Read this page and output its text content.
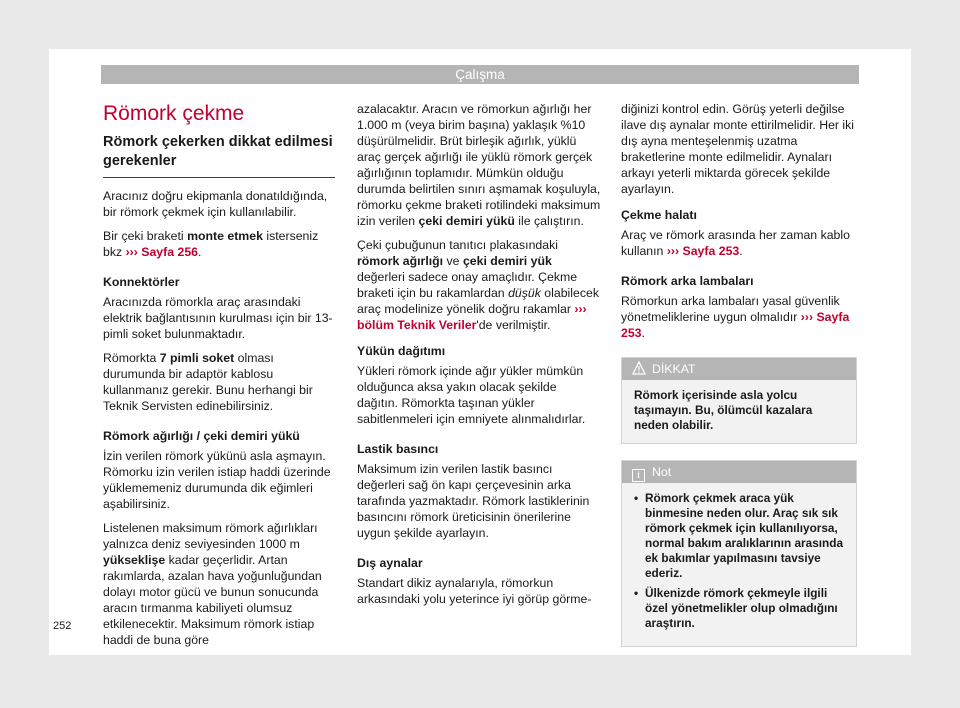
Çalışma
Römork çekme
Römork çekerken dikkat edilmesi gerekenler

Aracınız doğru ekipmanla donatıldığında, bir römork çekmek için kullanılabilir.

Bir çeki braketi monte etmek isterseniz bkz ››› Sayfa 256.

Konnektörler

Aracınızda römorkla araç arasındaki elektrik bağlantısının kurulması için bir 13-pimli soket bulunmaktadır.

Römorkta 7 pimli soket olması durumunda bir adaptör kablosu kullanmanız gerekir. Bunu herhangi bir Teknik Servisten edinebilirsiniz.

Römork ağırlığı / çeki demiri yükü

İzin verilen römork yükünü asla aşmayın. Römorku izin verilen istiap haddi üzerinde yüklememeniz durumunda dik eğimleri aşabilirsiniz.

Listelenen maksimum römork ağırlıkları yalnızca deniz seviyesinden 1000 m yükseklişe kadar geçerlidir. Artan rakımlarda, azalan hava yoğunluğundan dolayı motor gücü ve bunun sonucunda aracın tırmanma kabiliyeti olumsuz etkilenecektir. Maksimum römork istiap haddi de buna göre

azalacaktır. Aracın ve römorkun ağırlığı her 1.000 m (veya birim başına) yaklaşık %10 düşürülmelidir. Brüt birleşik ağırlık, yüklü araç gerçek ağırlığı ile yüklü römork gerçek ağırlığının toplamıdır. Mümkün olduğu durumda belirtilen sınırı aşmamak koşuluyla, römorku çekme braketi rotilindeki maksimum izin verilen çeki demiri yükü ile çalıştırın.

Çeki çubuğunun tanıtıcı plakasındaki römork ağırlığı ve çeki demiri yük değerleri sadece onay amaçlıdır. Çekme braketi için bu rakamlardan düşük olabilecek araç modelinize yönelik doğru rakamlar ››› bölüm Teknik Veriler'de verilmiştir.

Yükün dağıtımı

Yükleri römork içinde ağır yükler mümkün olduğunca aksa yakın olacak şekilde dağıtın. Römorkta taşınan yükler sabitlenmeleri için emniyete alınmalıdırlar.

Lastik basıncı

Maksimum izin verilen lastik basıncı değerleri sağ ön kapı çerçevesinin arka tarafında yazmaktadır. Römork lastiklerinin basıncını römork üreticisinin önerilerine uygun şekilde ayarlayın.

Dış aynalar

Standart dikiz aynalarıyla, römorkun arkasındaki yolu yeterince iyi görüp görme-

diğinizi kontrol edin. Görüş yeterli değilse ilave dış aynalar monte ettirilmelidir. Her iki dış ayna menteşelenmiş uzatma braketlerine monte edilmelidir. Aynaları arkayı yeterli miktarda görecek şekilde ayarlayın.

Çekme halatı

Araç ve römork arasında her zaman kablo kullanın ››› Sayfa 253.

Römork arka lambaları

Römorkun arka lambaları yasal güvenlik yönetmeliklerine uygun olmalıdır ››› Sayfa 253.

DİKKAT
Römork içerisinde asla yolcu taşımayın. Bu, ölümcül kazalara neden olabilir.
i Not
• Römork çekmek araca yük binmesine neden olur. Araç sık sık römork çekmek için kullanılıyorsa, normal bakım aralıklarının arasında ek bakımlar yapılmasını tavsiye ederiz.
• Ülkenizde römork çekmeyle ilgili özel yönetmelikler olup olmadığını araştırın.
252
